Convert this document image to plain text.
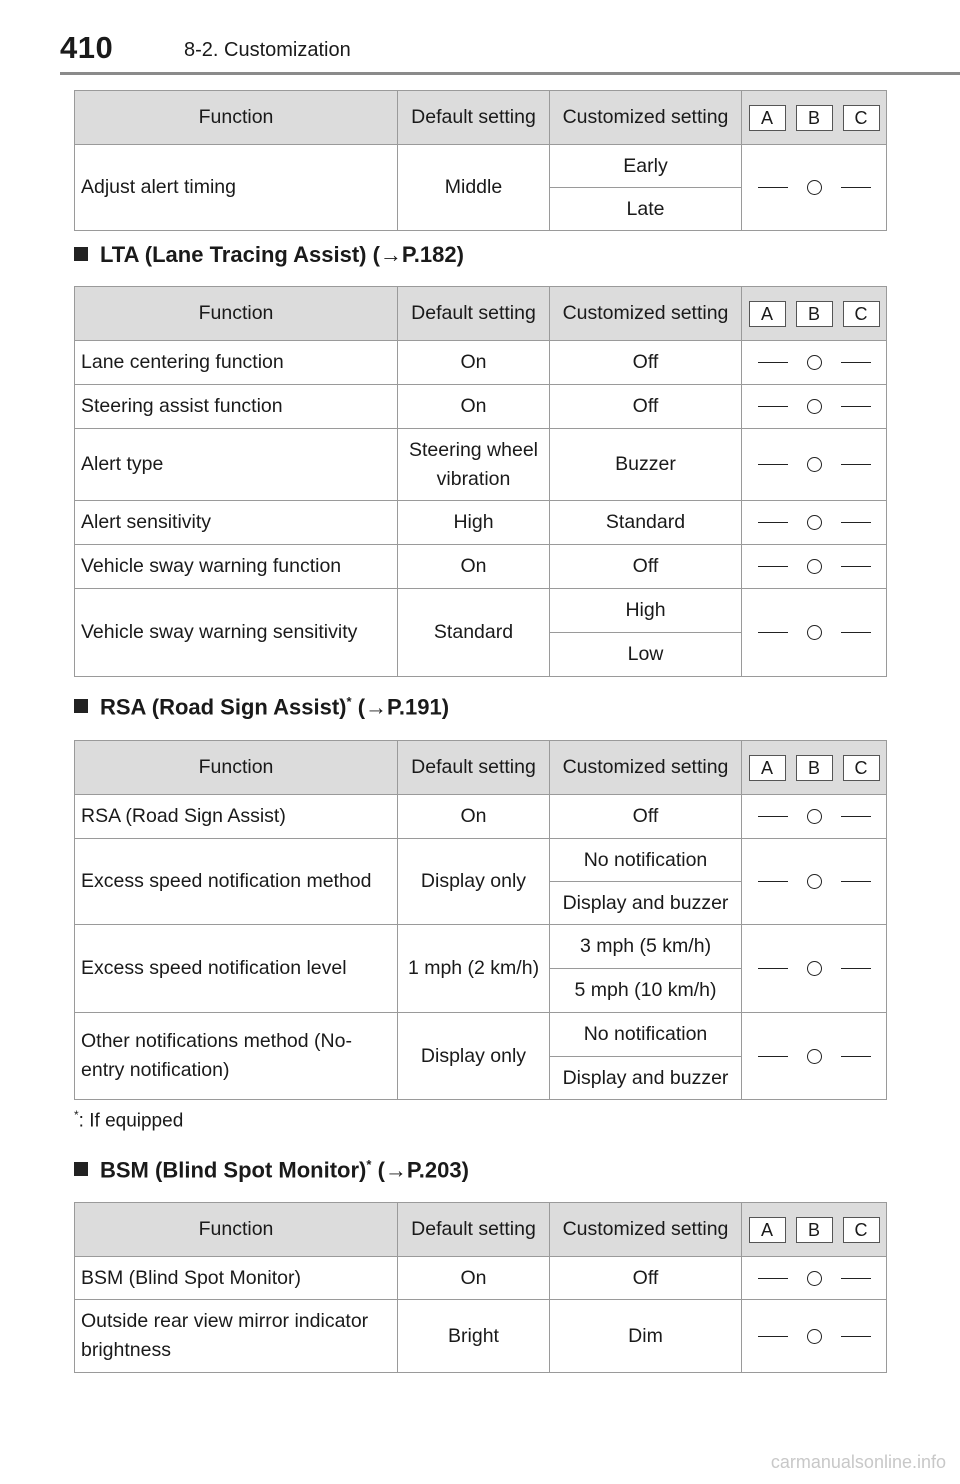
410	8-2. Customization
Function	Default setting	Customized setting	A B C
Adjust alert timing	Middle	Early	
		Late	
LTA (Lane Tracing Assist) (→P.182)
Function	Default setting	Customized setting	A B C
Lane centering function	On	Off	
Steering assist function	On	Off	
Alert type	Steering wheel vibration	Buzzer	
Alert sensitivity	High	Standard	
Vehicle sway warning function	On	Off	
Vehicle sway warning sensitivity	Standard	High	
		Low	
RSA (Road Sign Assist)* (→P.191)
Function	Default setting	Customized setting	A B C
RSA (Road Sign Assist)	On	Off	
Excess speed notification method	Display only	No notification	
		Display and buzzer	
Excess speed notification level	1 mph (2 km/h)	3 mph (5 km/h)	
		5 mph (10 km/h)	
Other notifications method (No-entry notification)	Display only	No notification	
		Display and buzzer	
*: If equipped
BSM (Blind Spot Monitor)* (→P.203)
Function	Default setting	Customized setting	A B C
BSM (Blind Spot Monitor)	On	Off	
Outside rear view mirror indicator brightness	Bright	Dim	
carmanualsonline.info
